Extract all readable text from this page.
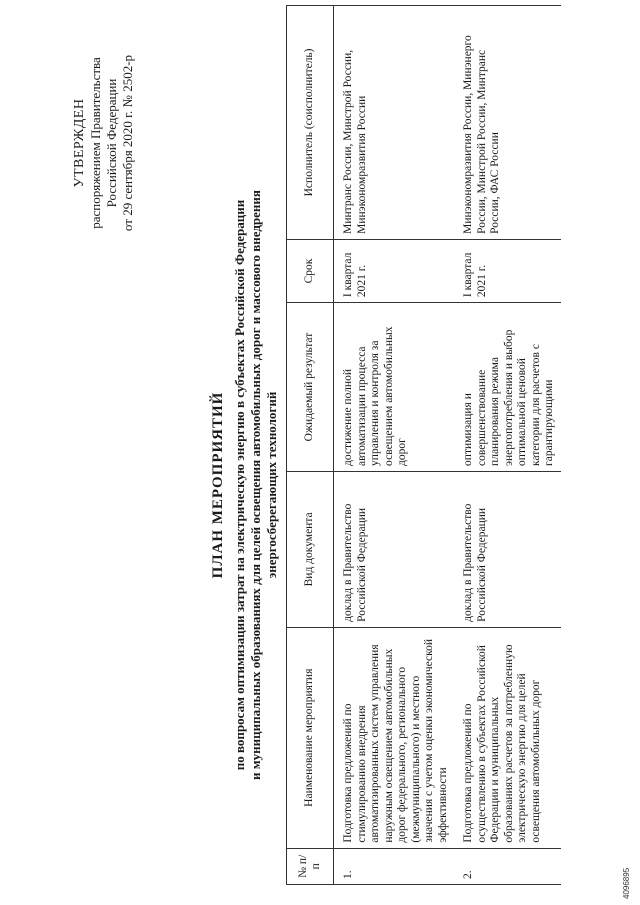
УТВЕРЖДЕН распоряжением Правительства Российской Федерации от 29 сентября 2020 г. № 2502-р
ПЛАН МЕРОПРИЯТИЙ по вопросам оптимизации затрат на электрическую энергию в субъектах Российской Федерации и муниципальных образованиях для целей освещения автомобильных дорог и массового внедрения энергосберегающих технологий
№ п/п	Наименование мероприятия	Вид документа	Ожидаемый результат	Срок	Исполнитель (соисполнитель)

1.	Подготовка предложений по стимулированию внедрения автоматизированных систем управления наружным освещением автомобильных дорог федерального, регионального (межмуниципального) и местного значения с учетом оценки экономической эффективности	доклад в Правительство Российской Федерации	достижение полной автоматизации процесса управления и контроля за освещением автомобильных дорог	I квартал 2021 г.	Минтранс России, Минстрой России, Минэкономразвития России

2.	Подготовка предложений по осуществлению в субъектах Российской Федерации и муниципальных образованиях расчетов за потребленную электрическую энергию для целей освещения автомобильных дорог	доклад в Правительство Российской Федерации	оптимизация и совершенствование планирования режима энергопотребления и выбор оптимальной ценовой категории для расчетов с гарантирующими	I квартал 2021 г.	Минэкономразвития России, Минэнерго России, Минстрой России, Минтранс России, ФАС России
4096895
